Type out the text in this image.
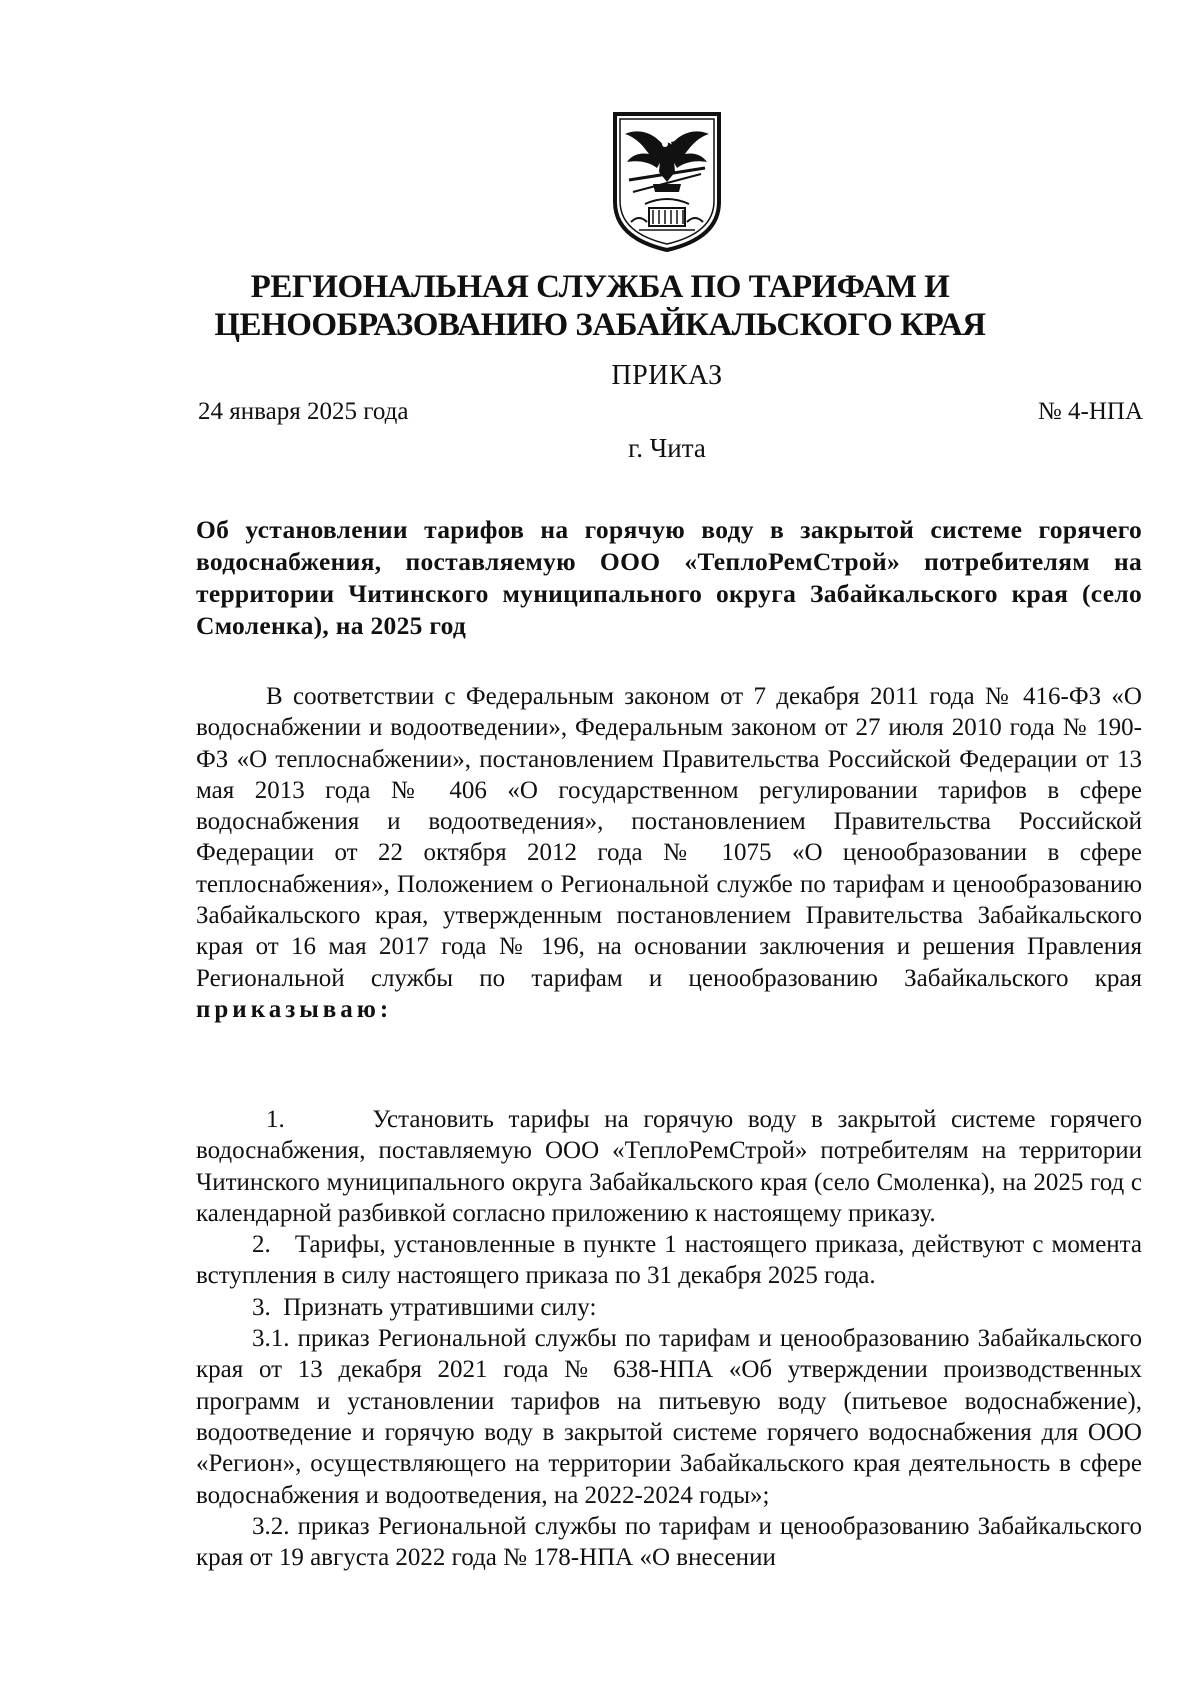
РЕГИОНАЛЬНАЯ СЛУЖБА ПО ТАРИФАМ И
ЦЕНООБРАЗОВАНИЮ ЗАБАЙКАЛЬСКОГО КРАЯ
ПРИКАЗ
24 января 2025 года	№ 4-НПА
г. Чита
Об установлении тарифов на горячую воду в закрытой системе горячего водоснабжения, поставляемую ООО «ТеплоРемСтрой» потребителям на территории Читинского муниципального округа Забайкальского края (село Смоленка), на 2025 год
В соответствии с Федеральным законом от 7 декабря 2011 года № 416-ФЗ «О водоснабжении и водоотведении», Федеральным законом от 27 июля 2010 года № 190-ФЗ «О теплоснабжении», постановлением Правительства Российской Федерации от 13 мая 2013 года № 406 «О государственном регулировании тарифов в сфере водоснабжения и водоотведения», постановлением Правительства Российской Федерации от 22 октября 2012 года № 1075 «О ценообразовании в сфере теплоснабжения», Положением о Региональной службе по тарифам и ценообразованию Забайкальского края, утвержденным постановлением Правительства Забайкальского края от 16 мая 2017 года № 196, на основании заключения и решения Правления Региональной службы по тарифам и ценообразованию Забайкальского края приказываю:

1.      Установить тарифы на горячую воду в закрытой системе горячего водоснабжения, поставляемую ООО «ТеплоРемСтрой» потребителям на территории Читинского муниципального округа Забайкальского края (село Смоленка), на 2025 год с календарной разбивкой согласно приложению к настоящему приказу.

2.   Тарифы, установленные в пункте 1 настоящего приказа, действуют с момента вступления в силу настоящего приказа по 31 декабря 2025 года.

3.  Признать утратившими силу:

3.1. приказ Региональной службы по тарифам и ценообразованию Забайкальского края от 13 декабря 2021 года № 638-НПА «Об утверждении производственных программ и установлении тарифов на питьевую воду (питьевое водоснабжение), водоотведение и горячую воду в закрытой системе горячего водоснабжения для ООО «Регион», осуществляющего на территории Забайкальского края деятельность в сфере водоснабжения и водоотведения, на 2022-2024 годы»;

3.2. приказ Региональной службы по тарифам и ценообразованию Забайкальского края от 19 августа 2022 года № 178-НПА «О внесении
